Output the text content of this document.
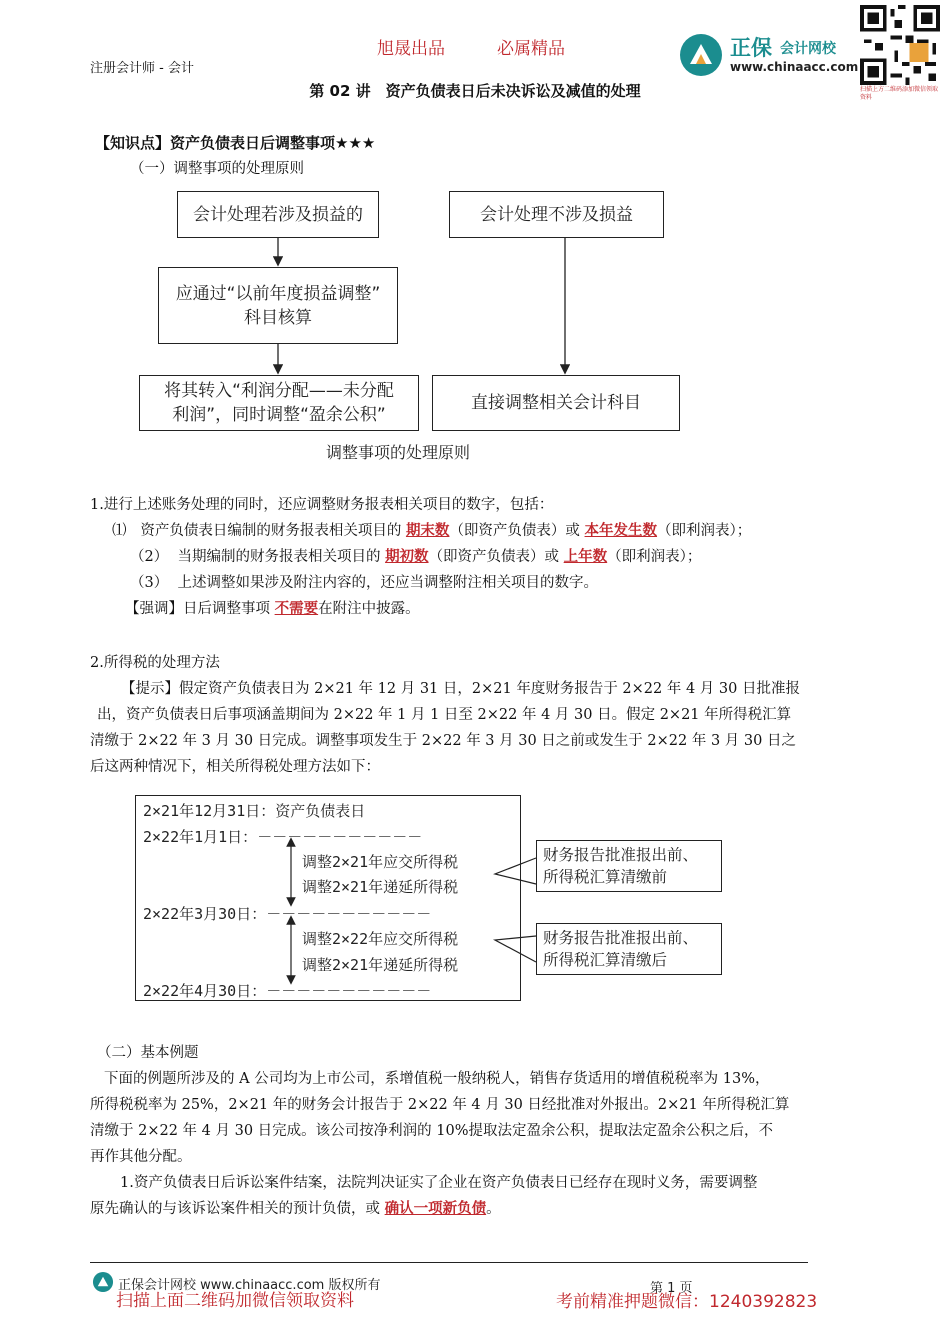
注册会计师 - 会计
旭晟出品	必属精品	正保 会计网校
www.chinaacc.com
扫描上方二维码添加微信领取资料
第 02 讲　资产负债表日后未决诉讼及减值的处理
【知识点】资产负债表日后调整事项★★★
（一）调整事项的处理原则
会计处理若涉及损益的	会计处理不涉及损益
应通过“以前年度损益调整”
科目核算
将其转入“利润分配——未分配
利润”，同时调整“盈余公积”
直接调整相关会计科目
调整事项的处理原则
1.进行上述账务处理的同时，还应调整财务报表相关项目的数字，包括：
⑴ 资产负债表日编制的财务报表相关项目的 期末数（即资产负债表）或 本年发生数（即利润表）；
（2） 当期编制的财务报表相关项目的 期初数（即资产负债表）或 上年数（即利润表）；
（3） 上述调整如果涉及附注内容的，还应当调整附注相关项目的数字。
【强调】日后调整事项 不需要在附注中披露。
2.所得税的处理方法
【提示】假定资产负债表日为 2×21 年 12 月 31 日，2×21 年度财务报告于 2×22 年 4 月 30 日批准报
出，资产负债表日后事项涵盖期间为 2×22 年 1 月 1 日至 2×22 年 4 月 30 日。假定 2×21 年所得税汇算
清缴于 2×22 年 3 月 30 日完成。调整事项发生于 2×22 年 3 月 30 日之前或发生于 2×22 年 3 月 30 日之
后这两种情况下，相关所得税处理方法如下：
2×21年12月31日：资产负债表日
2×22年1月1日：－－－－－－－－－－－
调整2×21年应交所得税
调整2×21年递延所得税
2×22年3月30日：－－－－－－－－－－－
调整2×22年应交所得税
调整2×21年递延所得税
2×22年4月30日：－－－－－－－－－－－
财务报告批准报出前、
所得税汇算清缴前
财务报告批准报出前、
所得税汇算清缴后
（二）基本例题
下面的例题所涉及的 A 公司均为上市公司，系增值税一般纳税人，销售存货适用的增值税税率为 13%，
所得税税率为 25%，2×21 年的财务会计报告于 2×22 年 4 月 30 日经批准对外报出。2×21 年所得税汇算
清缴于 2×22 年 4 月 30 日完成。该公司按净利润的 10%提取法定盈余公积，提取法定盈余公积之后，不
再作其他分配。
1.资产负债表日后诉讼案件结案，法院判决证实了企业在资产负债表日已经存在现时义务，需要调整
原先确认的与该诉讼案件相关的预计负债，或 确认一项新负债。
正保会计网校 www.chinaacc.com 版权所有	第 1 页
扫描上面二维码加微信领取资料	考前精准押题微信：1240392823
